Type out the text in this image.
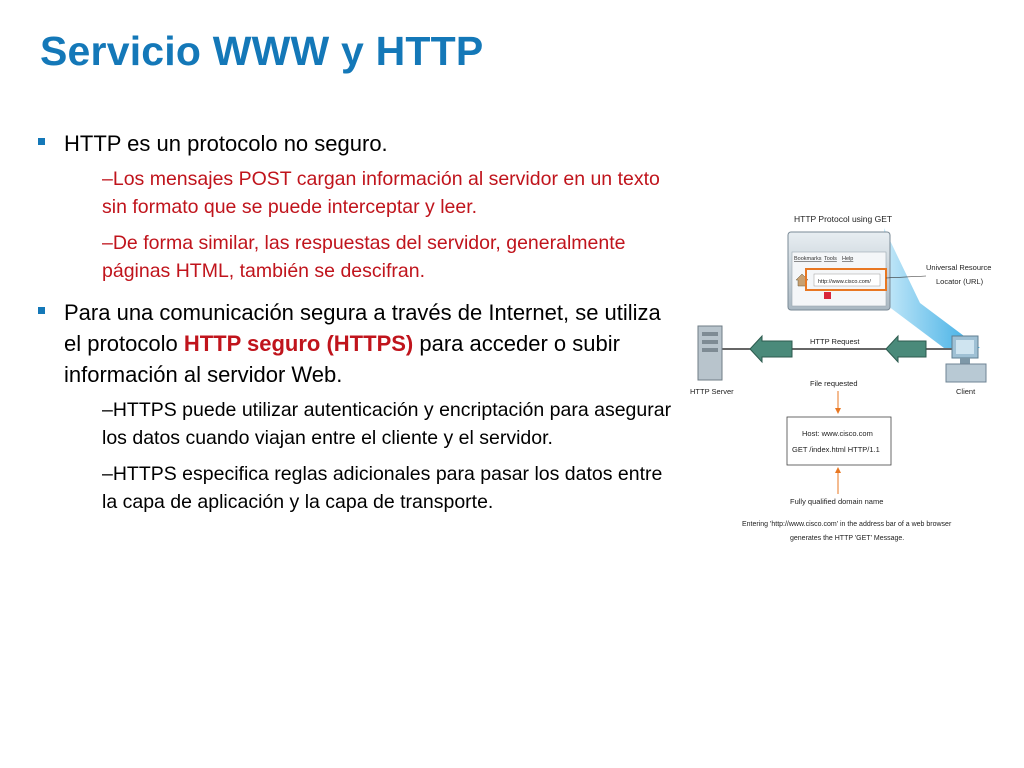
Servicio WWW y HTTP
HTTP es un protocolo no seguro.
–Los mensajes POST cargan información al servidor en un texto sin formato que se puede interceptar y leer.
–De forma similar, las respuestas del servidor, generalmente páginas HTML, también se descifran.
Para una comunicación segura a través de Internet, se utiliza el protocolo HTTP seguro (HTTPS) para acceder o subir información al servidor Web.
–HTTPS puede utilizar autenticación y encriptación para asegurar los datos cuando viajan entre el cliente y el servidor.
–HTTPS especifica reglas adicionales para pasar los datos entre la capa de aplicación y la capa de transporte.
HTTP Protocol using GET
Bookmarks Tools Help
http://www.cisco.com/
Universal Resource
Locator (URL)
HTTP Server	Client
HTTP Request
File requested
Host: www.cisco.com
GET /index.html HTTP/1.1
Fully qualified domain name
Entering 'http://www.cisco.com' in the address bar of a web browser
generates the HTTP 'GET' Message.
